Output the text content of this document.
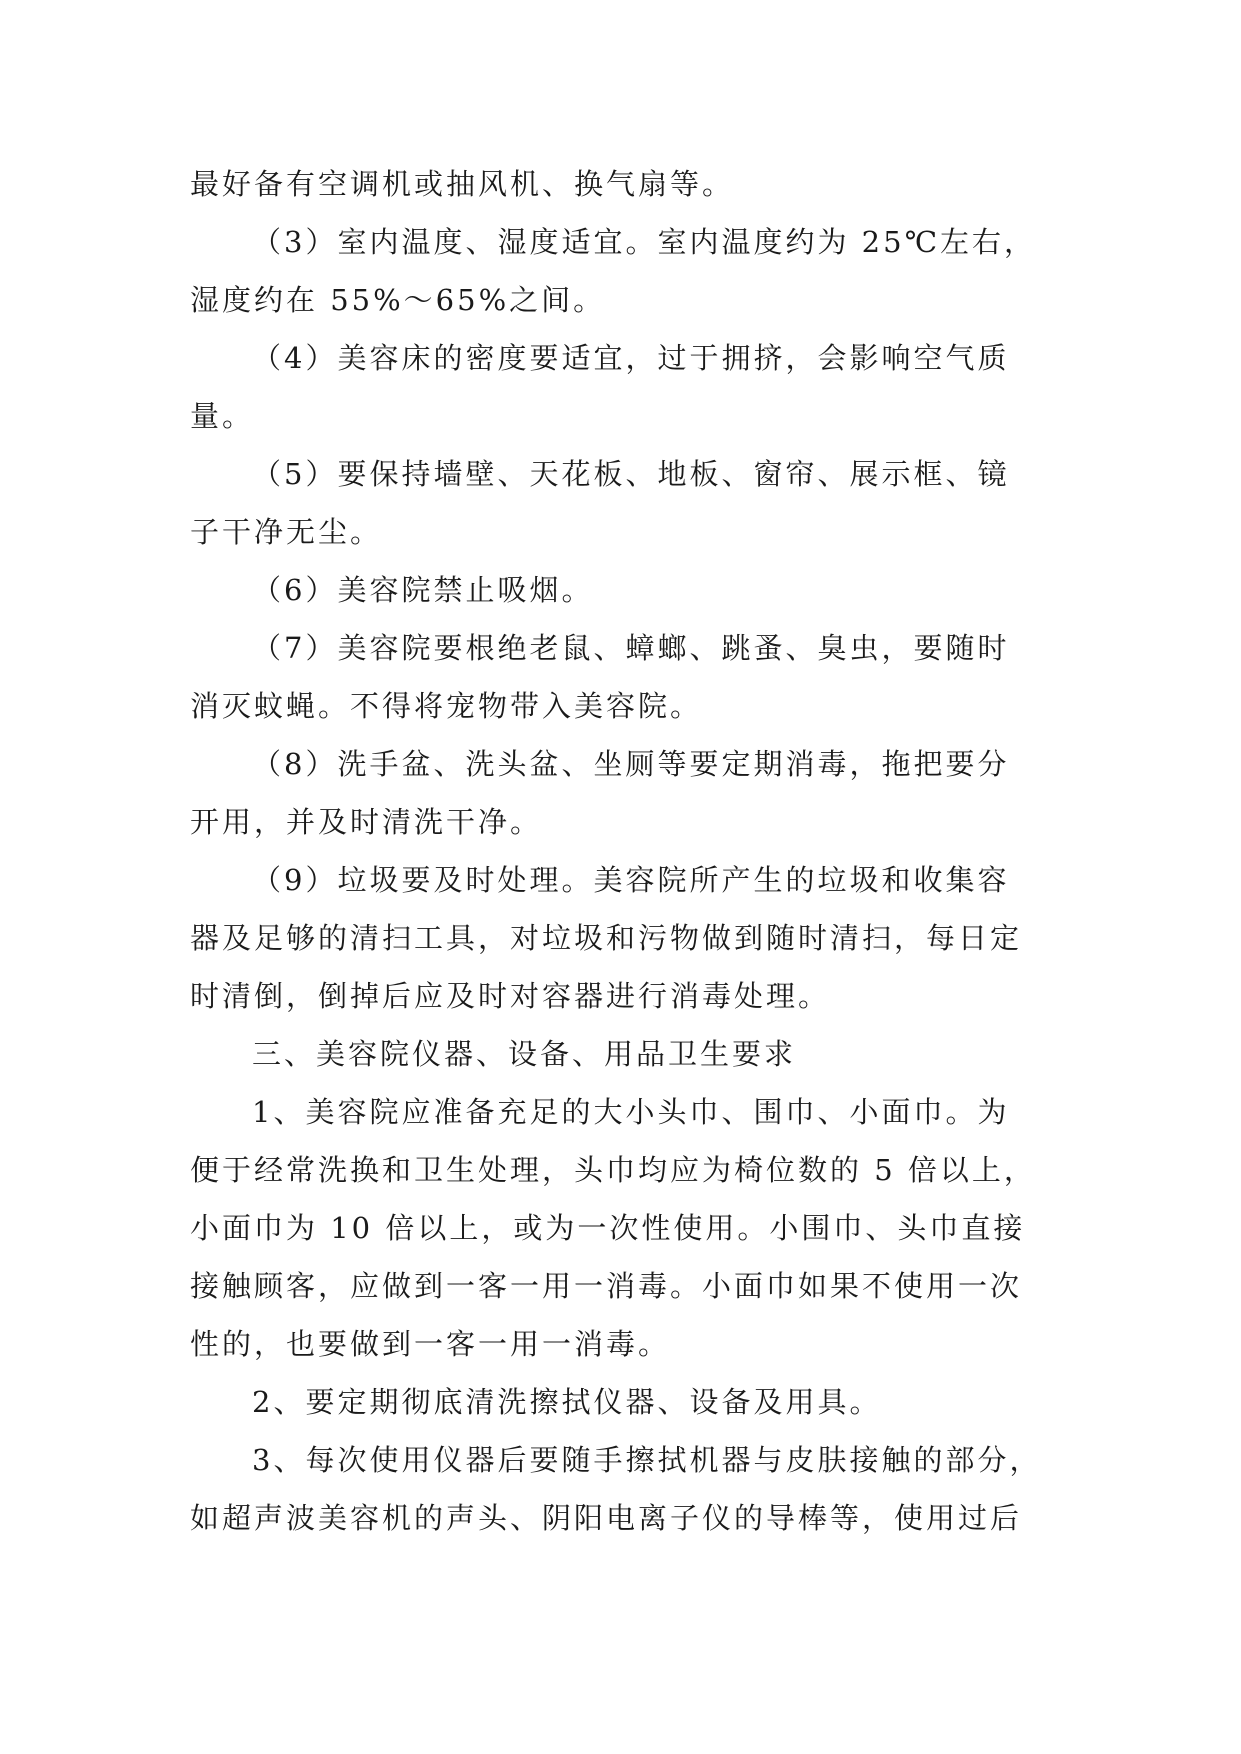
最好备有空调机或抽风机、换气扇等。
（3）室内温度、湿度适宜。室内温度约为 25℃左右，
湿度约在 55%～65%之间。
（4）美容床的密度要适宜，过于拥挤，会影响空气质
量。
（5）要保持墙壁、天花板、地板、窗帘、展示框、镜
子干净无尘。
（6）美容院禁止吸烟。
（7）美容院要根绝老鼠、蟑螂、跳蚤、臭虫，要随时
消灭蚊蝇。不得将宠物带入美容院。
（8）洗手盆、洗头盆、坐厕等要定期消毒，拖把要分
开用，并及时清洗干净。
（9）垃圾要及时处理。美容院所产生的垃圾和收集容
器及足够的清扫工具，对垃圾和污物做到随时清扫，每日定
时清倒，倒掉后应及时对容器进行消毒处理。
三、美容院仪器、设备、用品卫生要求
1、美容院应准备充足的大小头巾、围巾、小面巾。为
便于经常洗换和卫生处理，头巾均应为椅位数的 5 倍以上，
小面巾为 10 倍以上，或为一次性使用。小围巾、头巾直接
接触顾客，应做到一客一用一消毒。小面巾如果不使用一次
性的，也要做到一客一用一消毒。
2、要定期彻底清洗擦拭仪器、设备及用具。
3、每次使用仪器后要随手擦拭机器与皮肤接触的部分，
如超声波美容机的声头、阴阳电离子仪的导棒等，使用过后
